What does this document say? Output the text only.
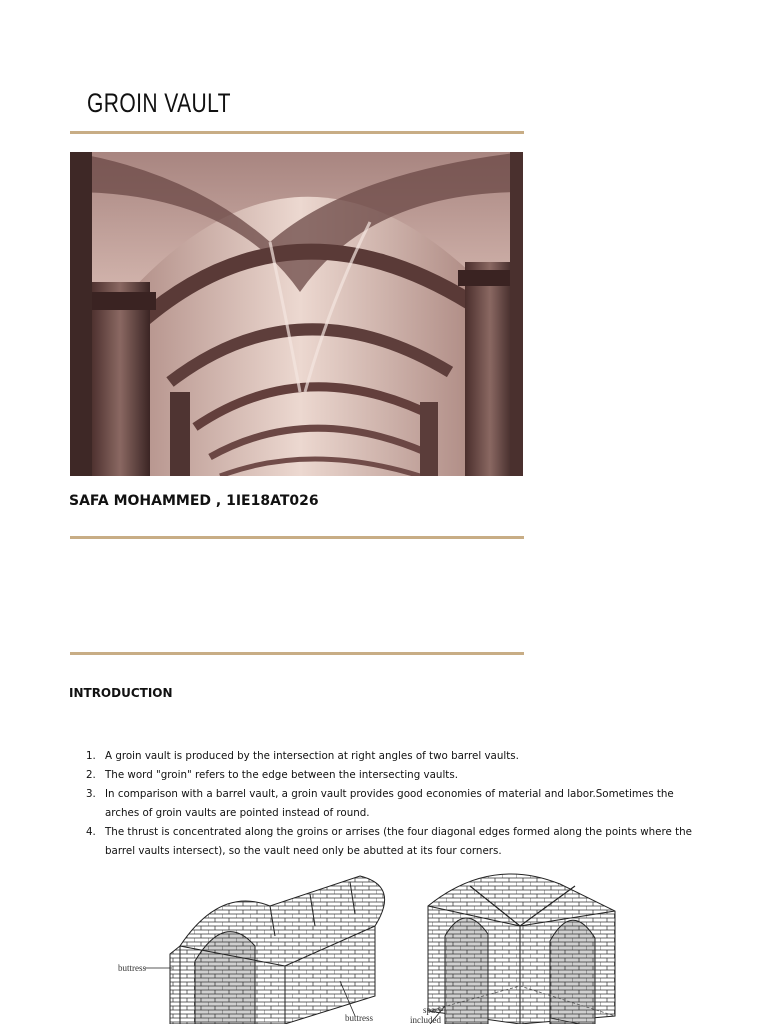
GROIN VAULT
SAFA MOHAMMED , 1IE18AT026
INTRODUCTION
1. A groin vault is produced by the intersection at right angles of two barrel vaults.
2. The word "groin" refers to the edge between the intersecting vaults.
3. In comparison with a barrel vault, a groin vault provides good economies of material and labor.Sometimes the arches of groin vaults are pointed instead of round.
4. The thrust is concentrated along the groins or arrises (the four diagonal edges formed along the points where the barrel vaults intersect), so the vault need only be abutted at its four corners.
buttress
buttress
space
included
